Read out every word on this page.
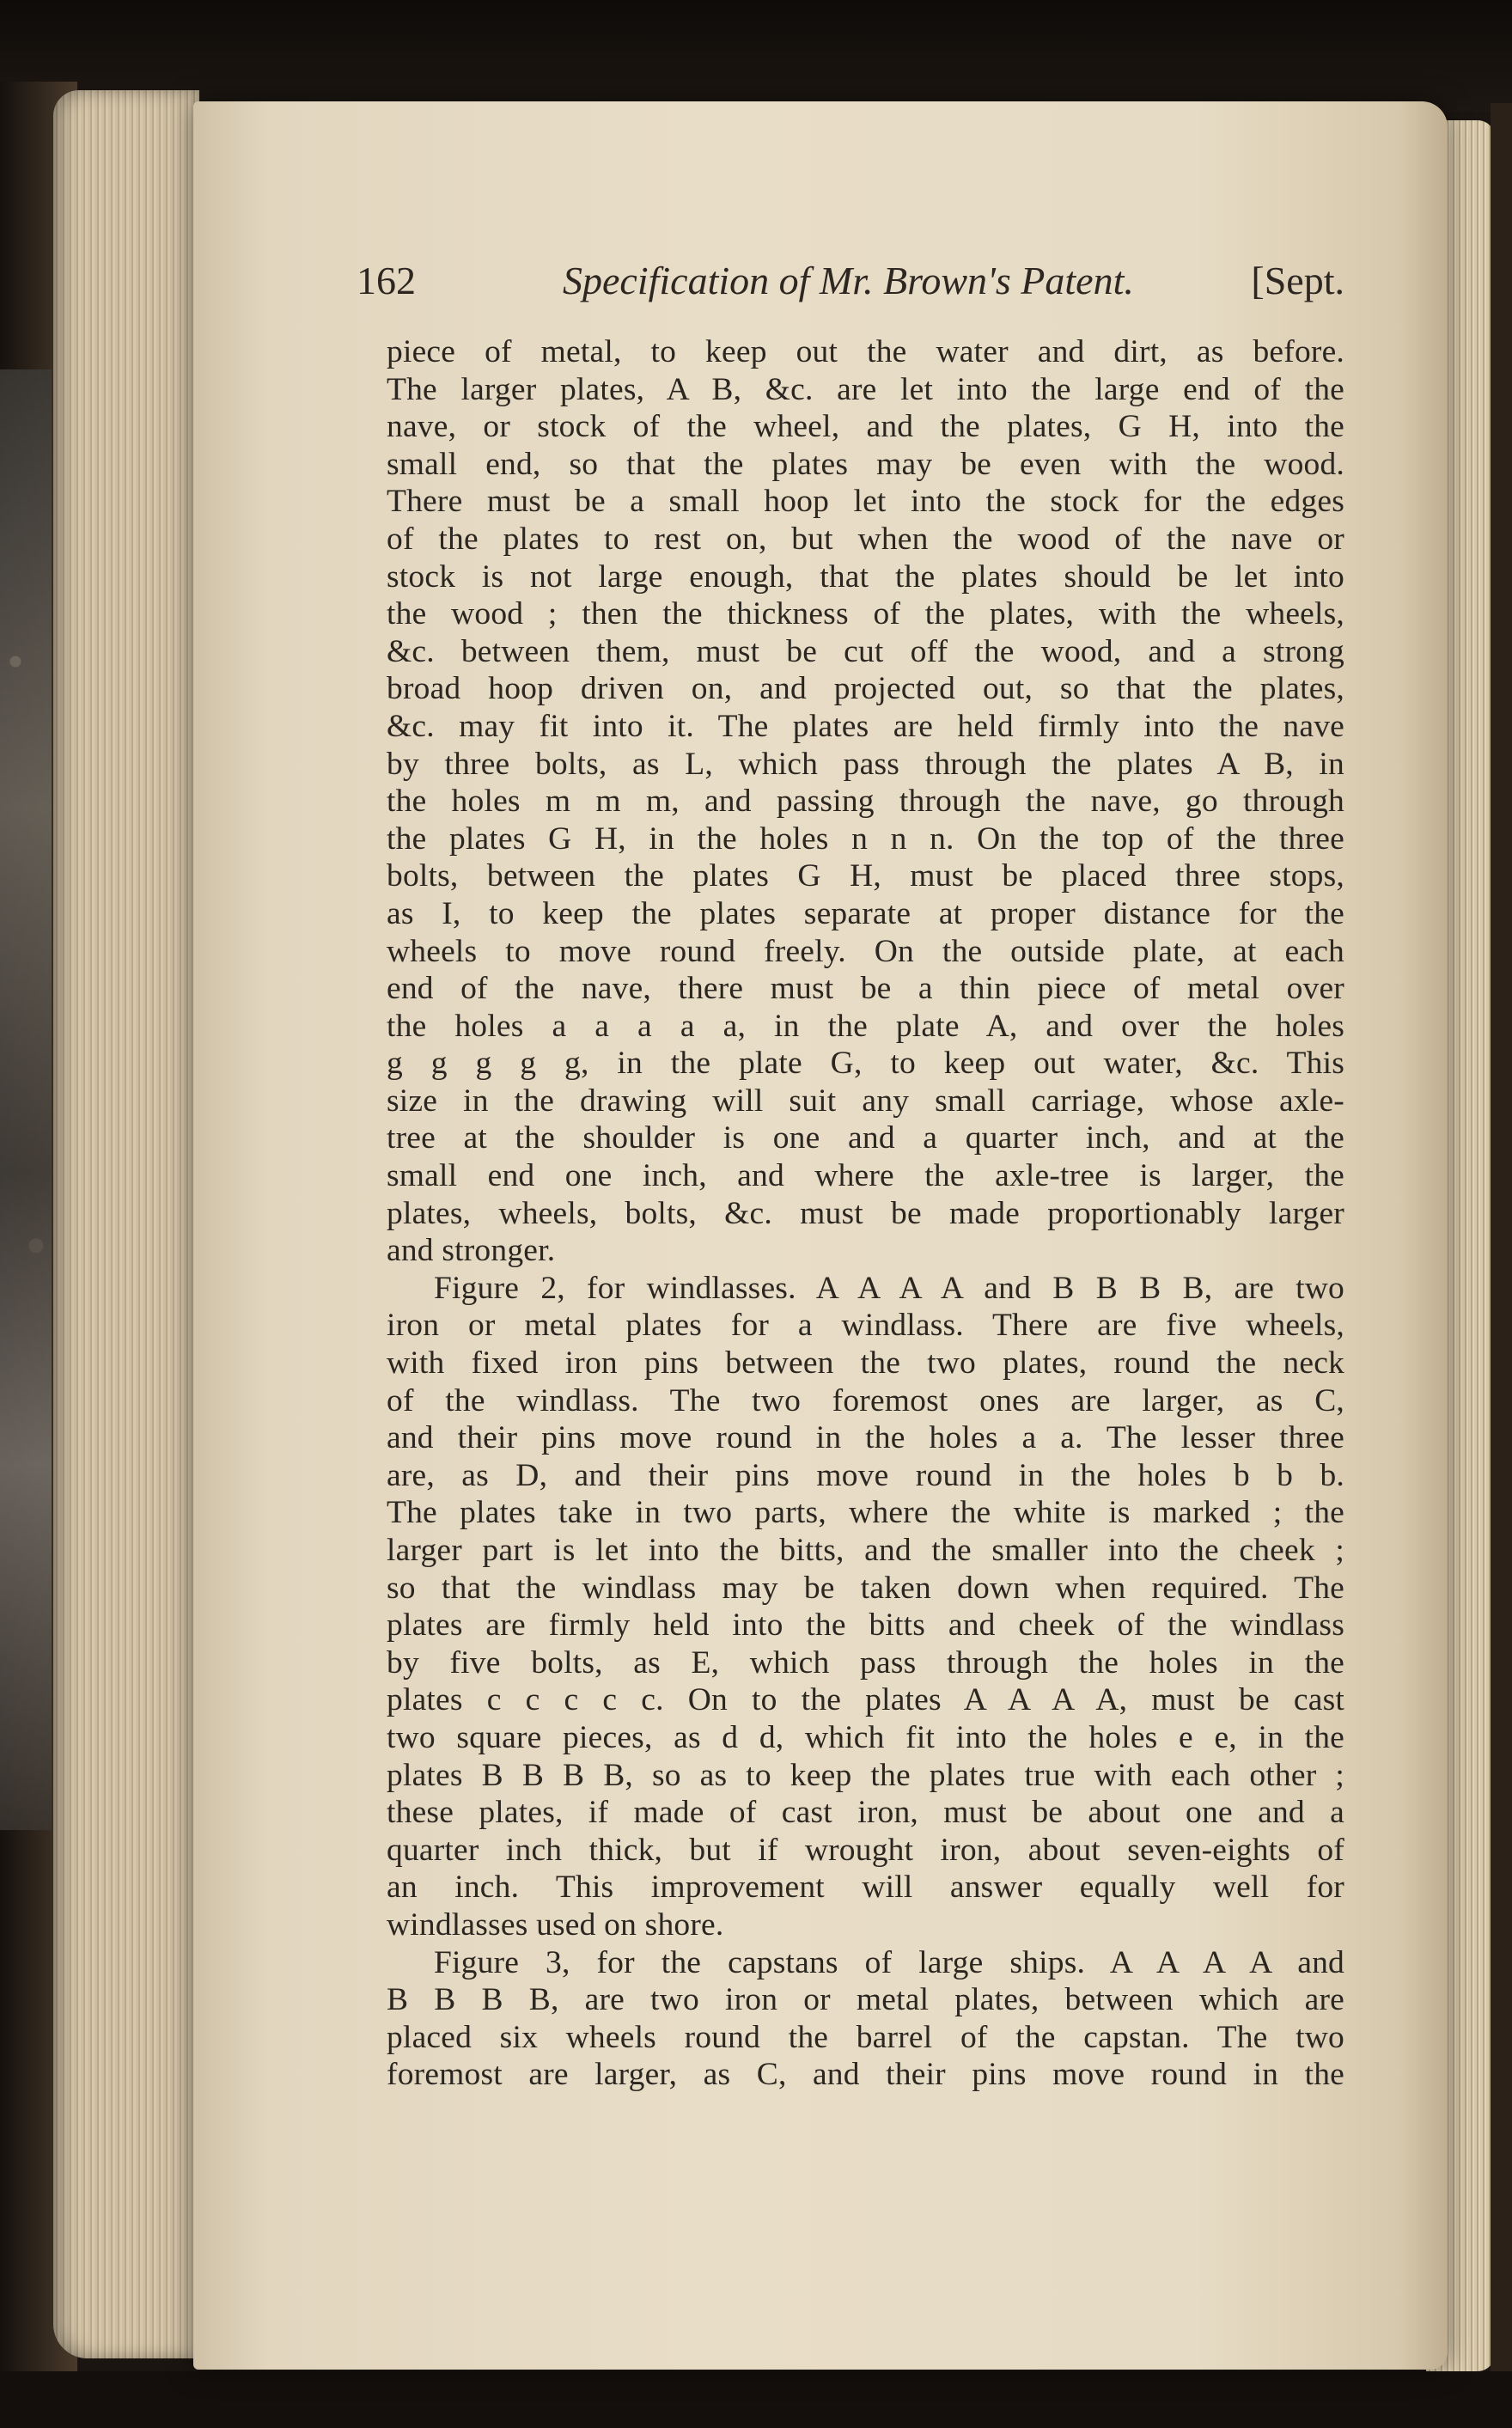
162	Specification of Mr. Brown's Patent.	[Sept.
piece of metal, to keep out the water and dirt, as before.
The larger plates, A B, &c. are let into the large end of the
nave, or stock of the wheel, and the plates, G H, into the
small end, so that the plates may be even with the wood.
There must be a small hoop let into the stock for the edges
of the plates to rest on, but when the wood of the nave or
stock is not large enough, that the plates should be let into
the wood ; then the thickness of the plates, with the wheels,
&c. between them, must be cut off the wood, and a strong
broad hoop driven on, and projected out, so that the plates,
&c. may fit into it. The plates are held firmly into the nave
by three bolts, as L, which pass through the plates A B, in
the holes m m m, and passing through the nave, go through
the plates G H, in the holes n n n. On the top of the three
bolts, between the plates G H, must be placed three stops,
as I, to keep the plates separate at proper distance for the
wheels to move round freely. On the outside plate, at each
end of the nave, there must be a thin piece of metal over
the holes a a a a a, in the plate A, and over the holes
g g g g g, in the plate G, to keep out water, &c. This
size in the drawing will suit any small carriage, whose axle-
tree at the shoulder is one and a quarter inch, and at the
small end one inch, and where the axle-tree is larger, the
plates, wheels, bolts, &c. must be made proportionably larger
and stronger.
Figure 2, for windlasses. A A A A and B B B B, are two
iron or metal plates for a windlass. There are five wheels,
with fixed iron pins between the two plates, round the neck
of the windlass. The two foremost ones are larger, as C,
and their pins move round in the holes a a. The lesser three
are, as D, and their pins move round in the holes b b b.
The plates take in two parts, where the white is marked ; the
larger part is let into the bitts, and the smaller into the cheek ;
so that the windlass may be taken down when required. The
plates are firmly held into the bitts and cheek of the windlass
by five bolts, as E, which pass through the holes in the
plates c c c c c. On to the plates A A A A, must be cast
two square pieces, as d d, which fit into the holes e e, in the
plates B B B B, so as to keep the plates true with each other ;
these plates, if made of cast iron, must be about one and a
quarter inch thick, but if wrought iron, about seven-eights of
an inch. This improvement will answer equally well for
windlasses used on shore.
Figure 3, for the capstans of large ships. A A A A and
B B B B, are two iron or metal plates, between which are
placed six wheels round the barrel of the capstan. The two
foremost are larger, as C, and their pins move round in the
